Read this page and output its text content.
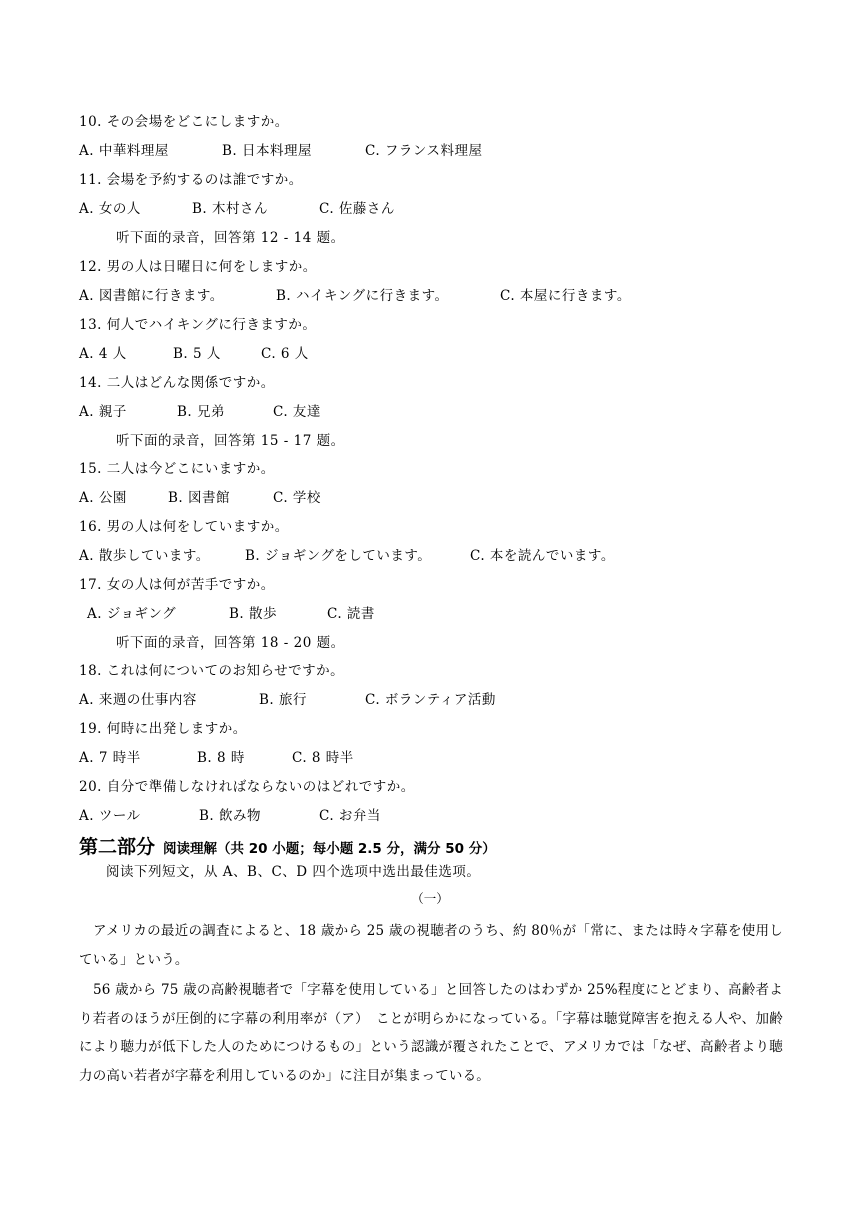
10. その会場をどこにしますか。
A. 中華料理屋	B. 日本料理屋	C. フランス料理屋
11. 会場を予約するのは誰ですか。
A. 女の人	B. 木村さん	C. 佐藤さん
听下面的录音，回答第 12 - 14 题。
12. 男の人は日曜日に何をしますか。
A. 図書館に行きます。	B. ハイキングに行きます。	C. 本屋に行きます。
13. 何人でハイキングに行きますか。
A. 4 人	B. 5 人	C. 6 人
14. 二人はどんな関係ですか。
A. 親子	B. 兄弟	C. 友達
听下面的录音，回答第 15 - 17 题。
15. 二人は今どこにいますか。
A. 公園	B. 図書館	C. 学校
16. 男の人は何をしていますか。
A. 散歩しています。	B. ジョギングをしています。	C. 本を読んでいます。
17. 女の人は何が苦手ですか。
A. ジョギング	B. 散歩	C. 読書
听下面的录音，回答第 18 - 20 题。
18. これは何についてのお知らせですか。
A. 来週の仕事内容	B. 旅行	C. ボランティア活動
19. 何時に出発しますか。
A. 7 時半	B. 8 時	C. 8 時半
20. 自分で準備しなければならないのはどれですか。
A. ツール	B. 飲み物	C. お弁当
第二部分 阅读理解（共 20 小题；每小题 2.5 分，满分 50 分）
阅读下列短文，从 A、B、C、D 四个选项中选出最佳选项。
（一）
アメリカの最近の調査によると、18 歳から 25 歳の視聴者のうち、約 80％が「常に、または時々字幕を使用している」という。
56 歳から 75 歳の高齢視聴者で「字幕を使用している」と回答したのはわずか 25%程度にとどまり、高齢者より若者のほうが圧倒的に字幕の利用率が（ア）　ことが明らかになっている。「字幕は聴覚障害を抱える人や、加齢により聴力が低下した人のためにつけるもの」という認識が覆されたことで、アメリカでは「なぜ、高齢者より聴力の高い若者が字幕を利用しているのか」に注目が集まっている。
